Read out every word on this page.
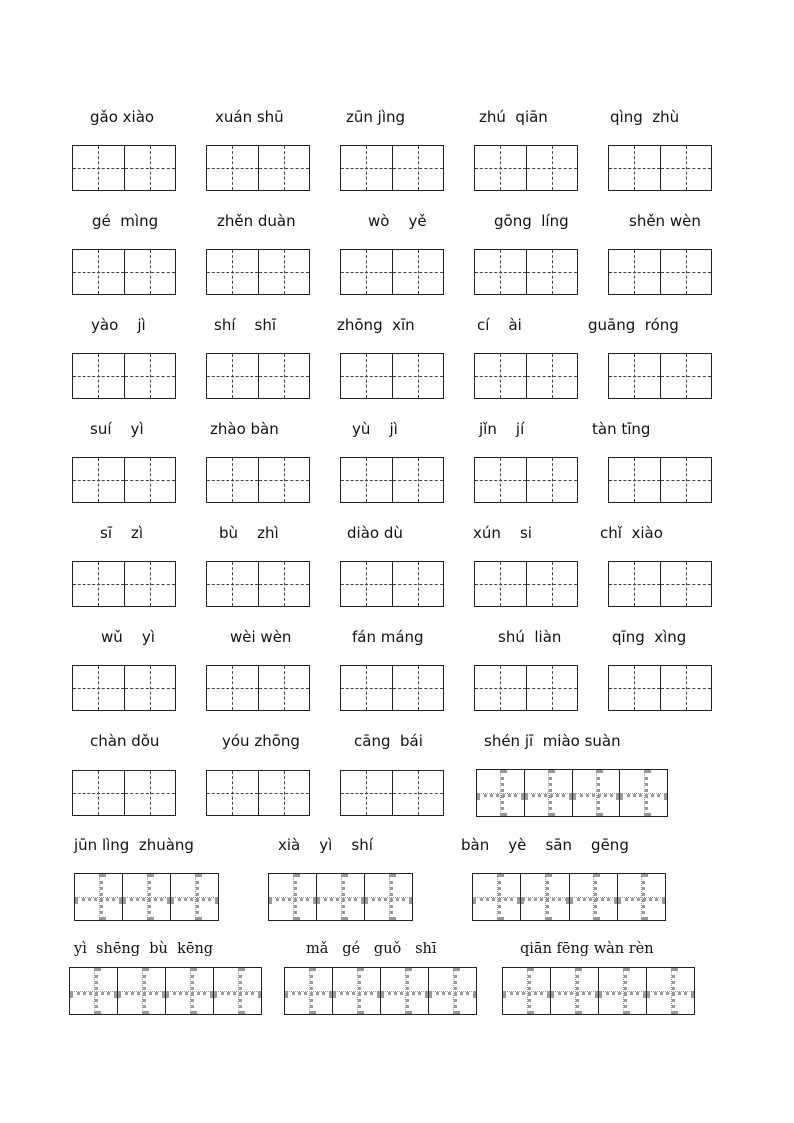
gǎo xiào	xuán shū	zūn jìng	zhú  qiān	qìng  zhù
gé  mìng	zhěn duàn	wò    yě	gōng  líng	shěn wèn
yào    jì	shí    shī	zhōng  xīn	cí    ài	guāng  róng
suí    yì	zhào bàn	yù    jì	jǐn    jí	tàn tīng
sī    zì	bù    zhì	diào dù	xún    si	chǐ  xiào
wǔ    yì	wèi wèn	fán máng	shú  liàn	qīng  xìng
chàn dǒu	yóu zhōng	cāng  bái	shén jī  miào suàn
jūn lìng  zhuàng	xià    yì    shí	bàn    yè    sān    gēng
yì  shēng  bù  kēng	mǎ   gé   guǒ   shī	qiān fēng wàn rèn
